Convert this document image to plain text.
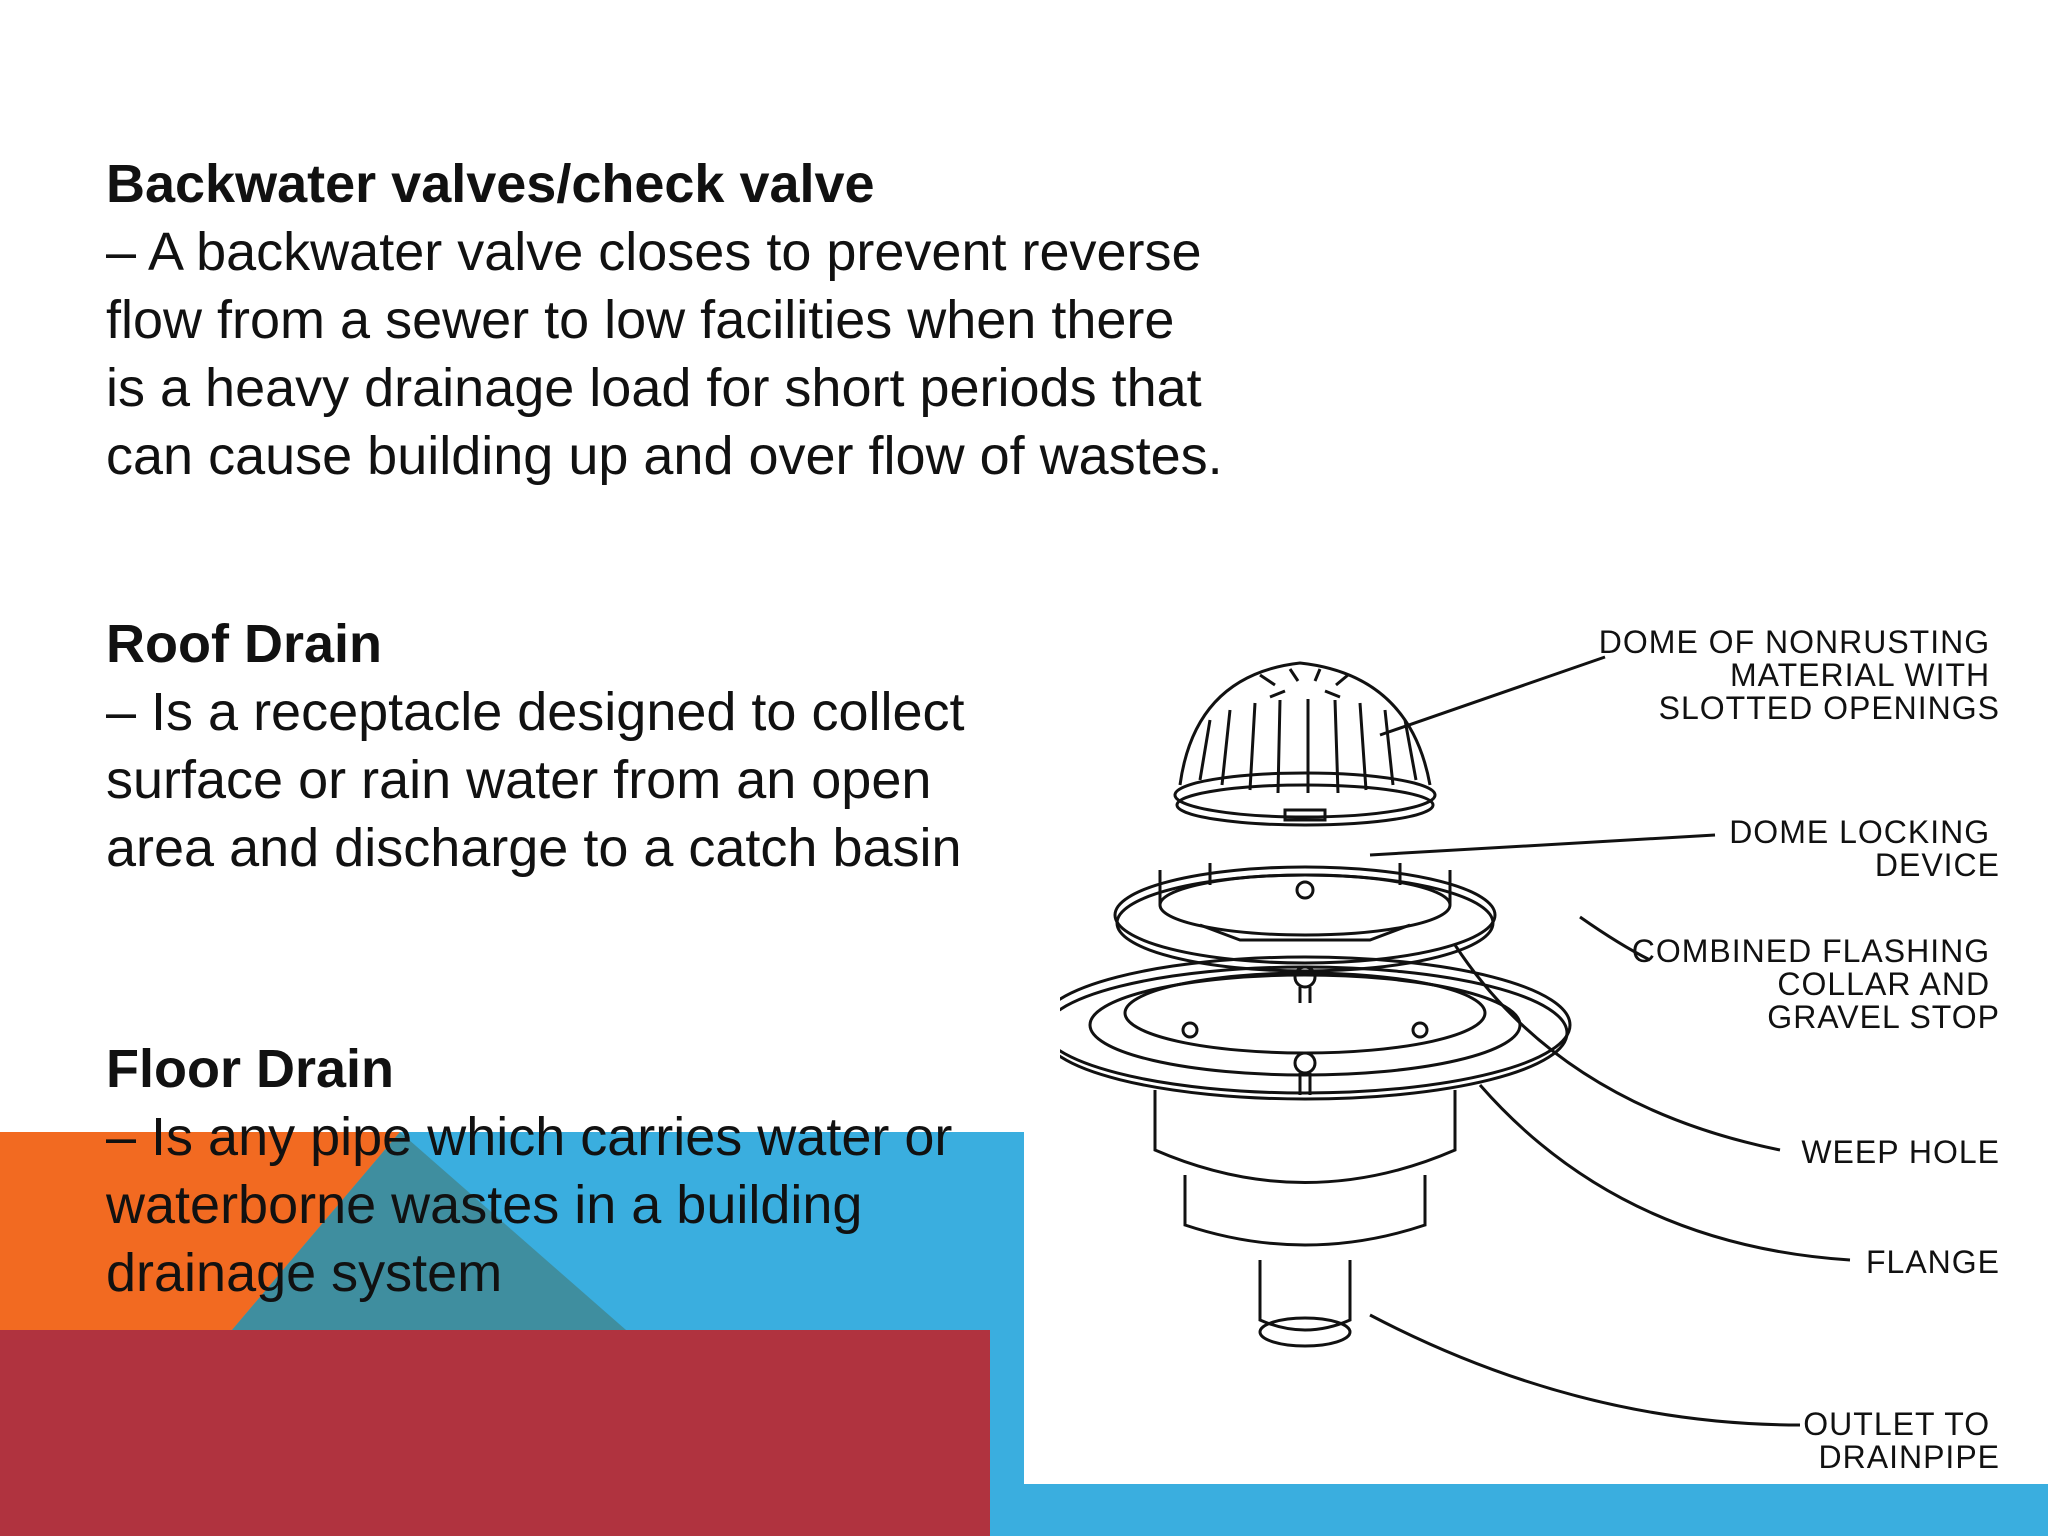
Backwater valves/check valve
– A backwater valve closes to prevent reverse
flow from a sewer to low facilities when there
is a heavy drainage load for short periods that
can cause building up and over flow of wastes.
Roof Drain
– Is a receptacle designed to collect
surface or rain water from an open
area and discharge to a catch basin
Floor Drain
– Is any pipe which carries water or
waterborne wastes in a building
drainage system
DOME OF NONRUSTING MATERIAL WITH SLOTTED OPENINGS
DOME LOCKING DEVICE
COMBINED FLASHING COLLAR AND GRAVEL STOP
WEEP HOLE
FLANGE
OUTLET TO DRAINPIPE
